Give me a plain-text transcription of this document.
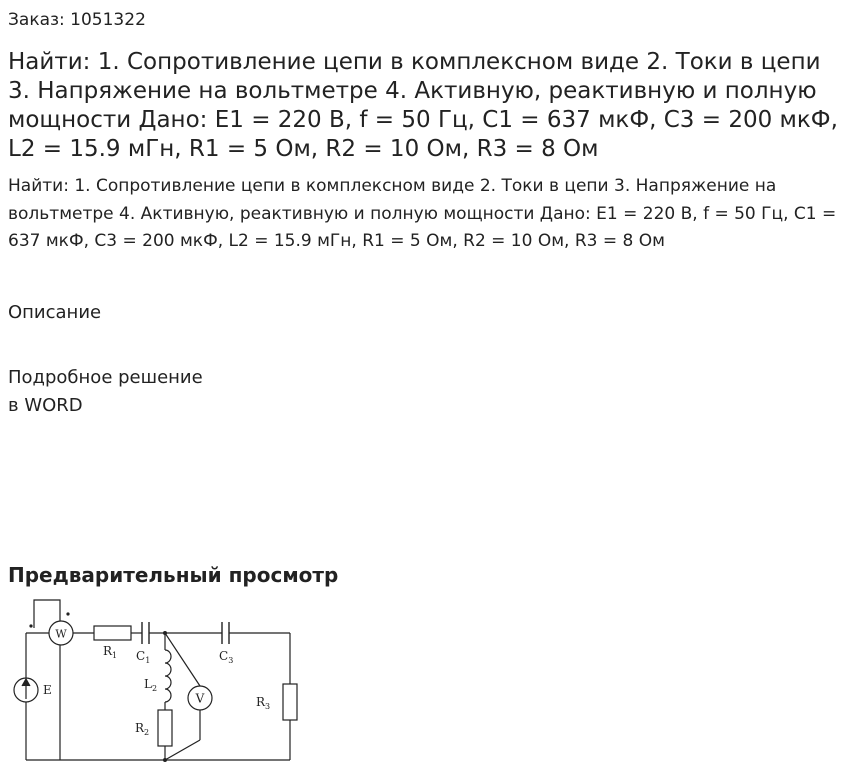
Заказ: 1051322
Найти: 1. Сопротивление цепи в комплексном виде 2. Токи в цепи 3. Напряжение на вольтметре 4. Активную, реактивную и полную мощности Дано: E1 = 220 В, f = 50 Гц, C1 = 637 мкФ, C3 = 200 мкФ, L2 = 15.9 мГн, R1 = 5 Ом, R2 = 10 Ом, R3 = 8 Ом

Найти: 1. Сопротивление цепи в комплексном виде 2. Токи в цепи 3. Напряжение на вольтметре 4. Активную, реактивную и полную мощности Дано: E1 = 220 В, f = 50 Гц, C1 = 637 мкФ, C3 = 200 мкФ, L2 = 15.9 мГн, R1 = 5 Ом, R2 = 10 Ом, R3 = 8 Ом

Описание
Подробное решение
в WORD
Предварительный просмотр
W
V
E
$R_1$ $C_1$
$L_2$
$R_2$
$C_3$
$R_3$
